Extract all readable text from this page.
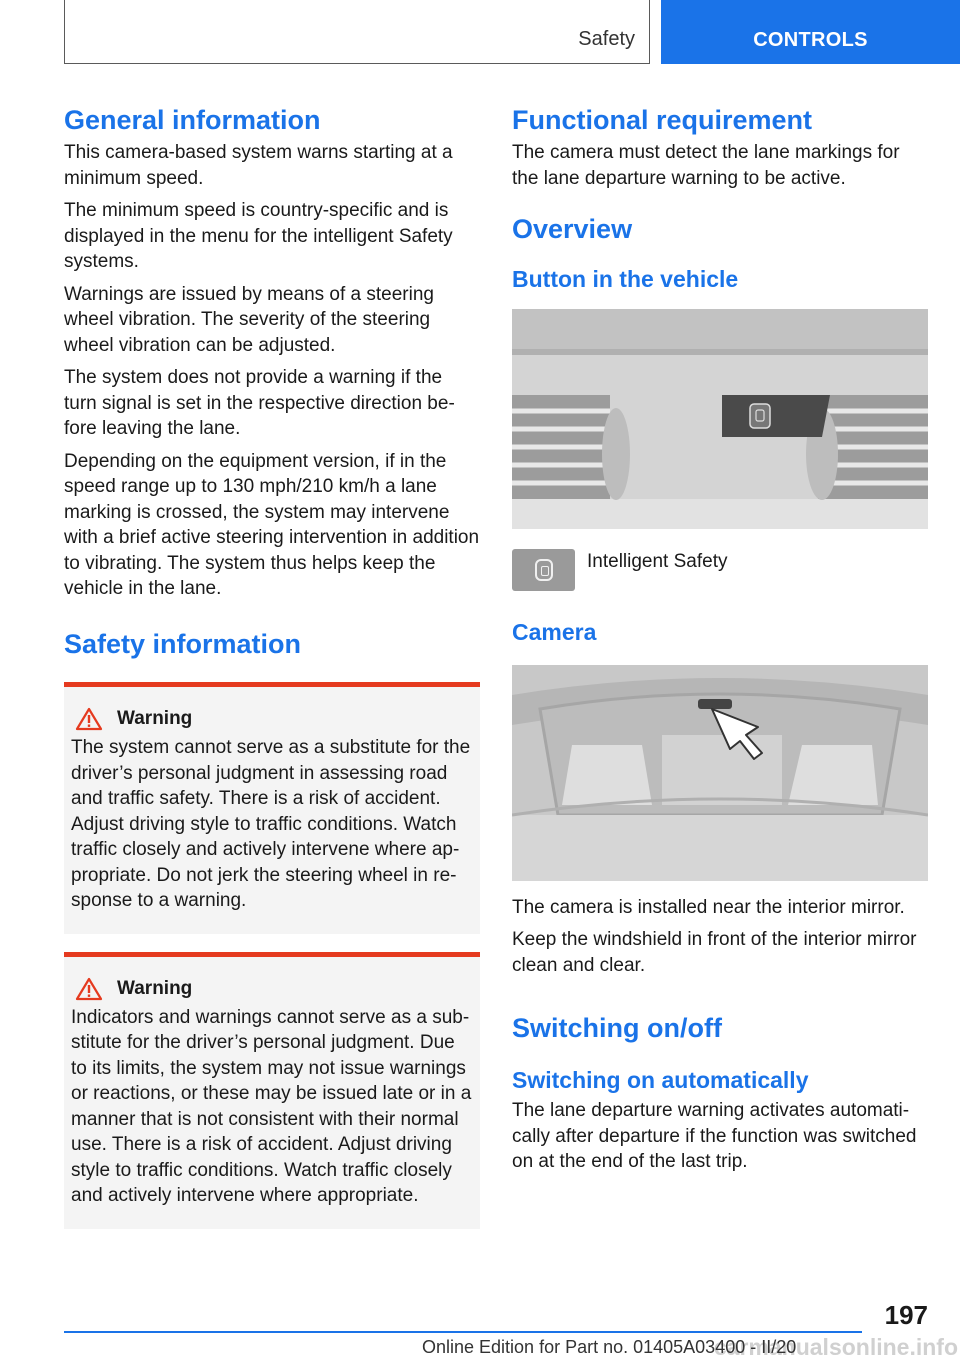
Safety	CONTROLS
General information

This camera-based system warns starting at a minimum speed.

The minimum speed is country-specific and is displayed in the menu for the intelligent Safety systems.

Warnings are issued by means of a steering wheel vibration. The severity of the steering wheel vibration can be adjusted.

The system does not provide a warning if the turn signal is set in the respective direction before leaving the lane.

Depending on the equipment version, if in the speed range up to 130 mph/210 km/h a lane marking is crossed, the system may intervene with a brief active steering intervention in addition to vibrating. The system thus helps keep the vehicle in the lane.

Safety information
Warning

The system cannot serve as a substitute for the driver’s personal judgment in assessing road and traffic safety. There is a risk of accident. Adjust driving style to traffic conditions. Watch traffic closely and actively intervene where appropriate. Do not jerk the steering wheel in response to a warning.

Warning

Indicators and warnings cannot serve as a substitute for the driver’s personal judgment. Due to its limits, the system may not issue warnings or reactions, or these may be issued late or in a manner that is not consistent with their normal use. There is a risk of accident. Adjust driving style to traffic conditions. Watch traffic closely and actively intervene where appropriate.

Functional requirement

The camera must detect the lane markings for the lane departure warning to be active.

Overview
Button in the vehicle
Intelligent Safety
Camera

The camera is installed near the interior mirror.

Keep the windshield in front of the interior mirror clean and clear.

Switching on/off
Switching on automatically

The lane departure warning activates automatically after departure if the function was switched on at the end of the last trip.

197
carmanualsonline.info
Online Edition for Part no. 01405A03400 - II/20
